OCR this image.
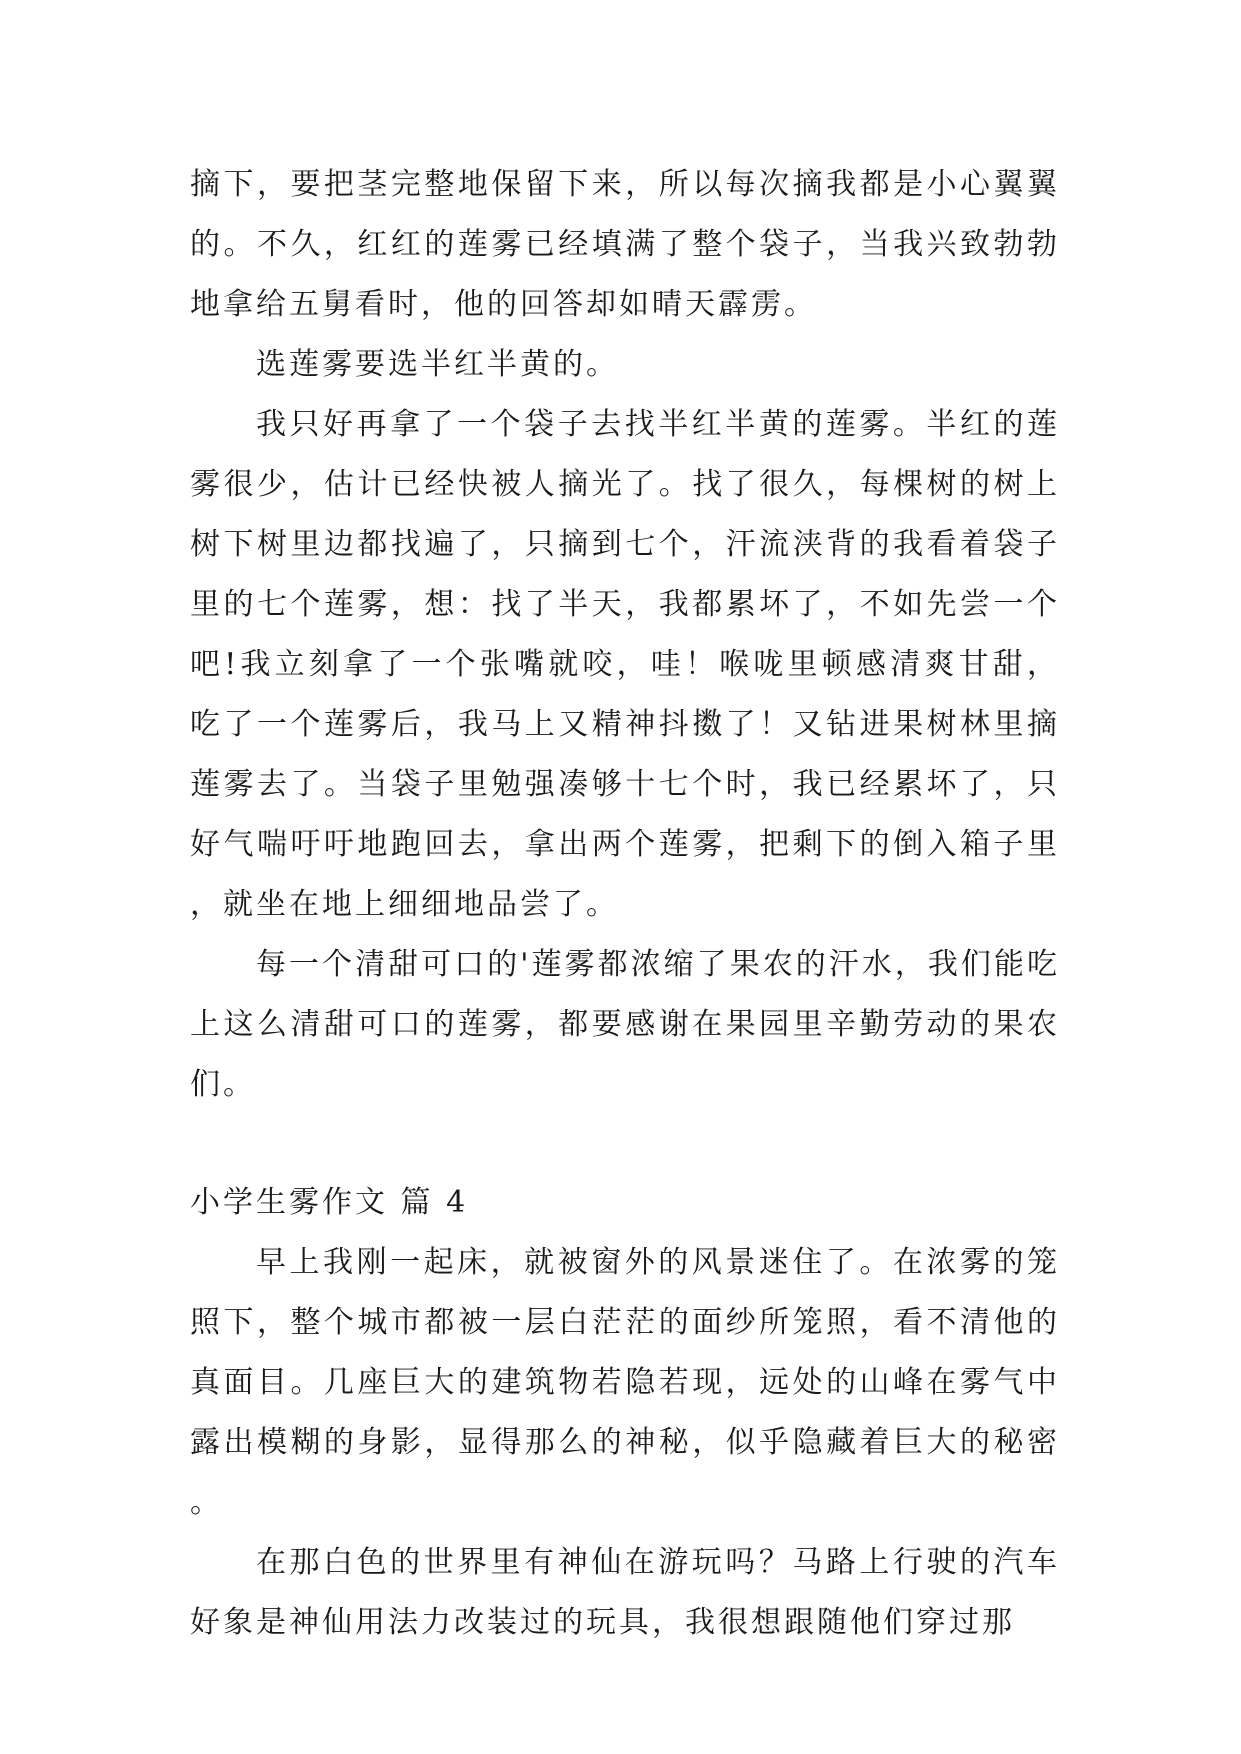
摘下，要把茎完整地保留下来，所以每次摘我都是小心翼翼的。不久，红红的莲雾已经填满了整个袋子，当我兴致勃勃地拿给五舅看时，他的回答却如晴天霹雳。

选莲雾要选半红半黄的。

我只好再拿了一个袋子去找半红半黄的莲雾。半红的莲雾很少，估计已经快被人摘光了。找了很久，每棵树的树上树下树里边都找遍了，只摘到七个，汗流浃背的我看着袋子里的七个莲雾，想：找了半天，我都累坏了，不如先尝一个吧!我立刻拿了一个张嘴就咬，哇！喉咙里顿感清爽甘甜，吃了一个莲雾后，我马上又精神抖擞了！又钻进果树林里摘莲雾去了。当袋子里勉强凑够十七个时，我已经累坏了，只好气喘吁吁地跑回去，拿出两个莲雾，把剩下的倒入箱子里，就坐在地上细细地品尝了。

每一个清甜可口的'莲雾都浓缩了果农的汗水，我们能吃上这么清甜可口的莲雾，都要感谢在果园里辛勤劳动的果农们。

小学生雾作文 篇 4

早上我刚一起床，就被窗外的风景迷住了。在浓雾的笼照下，整个城市都被一层白茫茫的面纱所笼照，看不清他的真面目。几座巨大的建筑物若隐若现，远处的山峰在雾气中露出模糊的身影，显得那么的神秘，似乎隐藏着巨大的秘密。

在那白色的世界里有神仙在游玩吗？马路上行驶的汽车好象是神仙用法力改装过的玩具，我很想跟随他们穿过那
